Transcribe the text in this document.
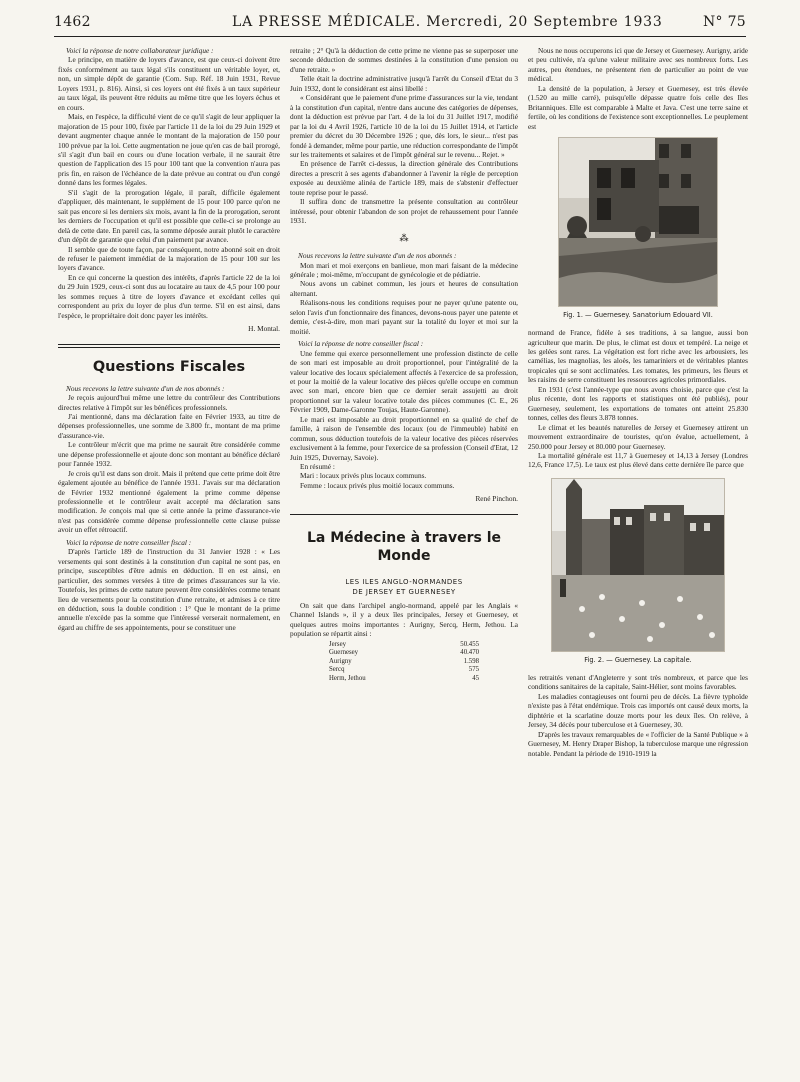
1462	LA PRESSE MÉDICALE. Mercredi, 20 Septembre 1933	N° 75

Voici la réponse de notre collaborateur juridique :

Le principe, en matière de loyers d'avance, est que ceux-ci doivent être fixés conformément au taux légal s'ils constituent un véritable loyer, et, non, un simple dépôt de garantie (Com. Sup. Réf. 18 Juin 1931, Revue Loyers 1931, p. 816). Ainsi, si ces loyers ont été fixés à un taux supérieur au taux légal, ils peuvent être réduits au même titre que les loyers échus et en cours.

Mais, en l'espèce, la difficulté vient de ce qu'il s'agit de leur appliquer la majoration de 15 pour 100, fixée par l'article 11 de la loi du 29 Juin 1929 et devant augmenter chaque année le montant de la majoration de 150 pour 100 prévue par la loi. Cette augmentation ne joue qu'en cas de bail prorogé, s'il s'agit d'un bail en cours ou d'une location verbale, il ne saurait être question de l'application des 15 pour 100 tant que la convention n'aura pas pris fin, en raison de l'échéance de la date prévue au contrat ou d'un congé donné dans les formes légales.

S'il s'agit de la prorogation légale, il paraît, difficile également d'appliquer, dès maintenant, le supplément de 15 pour 100 parce qu'on ne sait pas encore si les derniers six mois, avant la fin de la prorogation, seront les derniers de l'occupation et qu'il est possible que celle-ci se prolonge au delà de cette date. En pareil cas, la somme déposée aurait plutôt le caractère d'un dépôt de garantie que celui d'un paiement par avance.

Il semble que de toute façon, par conséquent, notre abonné soit en droit de refuser le paiement immédiat de la majoration de 15 pour 100 sur les loyers d'avance.

En ce qui concerne la question des intérêts, d'après l'article 22 de la loi du 29 Juin 1929, ceux-ci sont dus au locataire au taux de 4,5 pour 100 pour les sommes reçues à titre de loyers d'avance et excédant celles qui correspondent au prix du loyer de plus d'un terme. S'il en est ainsi, dans l'espèce, le propriétaire doit donc payer les intérêts.

H. Montal.
Questions Fiscales

Nous recevons la lettre suivante d'un de nos abonnés :

Je reçois aujourd'hui même une lettre du contrôleur des Contributions directes relative à l'impôt sur les bénéfices professionnels.

J'ai mentionné, dans ma déclaration faite en Février 1933, au titre de dépenses professionnelles, une somme de 3.800 fr., montant de ma prime d'assurance-vie.

Le contrôleur m'écrit que ma prime ne saurait être considérée comme une dépense professionnelle et ajoute donc son montant au bénéfice déclaré pour l'année 1932.

Je crois qu'il est dans son droit. Mais il prétend que cette prime doit être également ajoutée au bénéfice de l'année 1931. J'avais sur ma déclaration de Février 1932 mentionné également la prime comme dépense professionnelle et le contrôleur avait accepté ma déclaration sans modification. Je conçois mal que si cette année la prime d'assurance-vie n'est pas considérée comme dépense professionnelle cette clause puisse avoir un effet rétroactif.

Voici la réponse de notre conseiller fiscal :

D'après l'article 189 de l'instruction du 31 Janvier 1928 : « Les versements qui sont destinés à la constitution d'un capital ne sont pas, en principe, susceptibles d'être admis en déduction. Il en est ainsi, en particulier, des sommes versées à titre de primes d'assurances sur la vie. Toutefois, les primes de cette nature peuvent être considérées comme tenant lieu de versements pour la constitution d'une retraite, et admises à ce titre en déduction, sous la double condition : 1° Que le montant de la prime annuelle n'excède pas la somme que l'intéressé verserait normalement, en égard au chiffre de ses appointements, pour se constituer une

retraite ; 2° Qu'à la déduction de cette prime ne vienne pas se superposer une seconde déduction de sommes destinées à la constitution d'une pension ou d'une retraite. »

Telle était la doctrine administrative jusqu'à l'arrêt du Conseil d'Etat du 3 Juin 1932, dont le considérant est ainsi libellé :

« Considérant que le paiement d'une prime d'assurances sur la vie, tendant à la constitution d'un capital, n'entre dans aucune des catégories de dépenses, dont la déduction est prévue par l'art. 4 de la loi du 31 Juillet 1917, modifié par la loi du 4 Avril 1926, l'article 10 de la loi du 15 Juillet 1914, et l'article premier du décret du 30 Décembre 1926 ; que, dès lors, le sieur... n'est pas fondé à demander, même pour partie, une réduction correspondante de l'impôt sur les traitements et salaires et de l'impôt général sur le revenu... Rejet. »

En présence de l'arrêt ci-dessus, la direction générale des Contributions directes a prescrit à ses agents d'abandonner à l'avenir la règle de perception exposée au deuxième alinéa de l'article 189, mais de s'abstenir d'effectuer toute reprise pour le passé.

Il suffira donc de transmettre la présente consultation au contrôleur intéressé, pour obtenir l'abandon de son projet de rehaussement pour l'année 1931.

⁂

Nous recevons la lettre suivante d'un de nos abonnés :

Mon mari et moi exerçons en banlieue, mon mari faisant de la médecine générale ; moi-même, m'occupant de gynécologie et de pédiatrie.

Nous avons un cabinet commun, les jours et heures de consultation alternant.

Réalisons-nous les conditions requises pour ne payer qu'une patente ou, selon l'avis d'un fonctionnaire des finances, devons-nous payer une patente et demie, c'est-à-dire, mon mari payant sur la totalité du loyer et moi sur la moitié.

Voici la réponse de notre conseiller fiscal :

Une femme qui exerce personnellement une profession distincte de celle de son mari est imposable au droit proportionnel, pour l'intégralité de la valeur locative des locaux spécialement affectés à l'exercice de sa profession, et pour la moitié de la valeur locative des pièces qu'elle occupe en commun avec son mari, encore bien que ce dernier serait assujetti au droit proportionnel sur la valeur locative totale des pièces communes (C. E., 26 Février 1909, Dame-Garonne Toujas, Haute-Garonne).

Le mari est imposable au droit proportionnel en sa qualité de chef de famille, à raison de l'ensemble des locaux (ou de l'immeuble) habité en commun, sous déduction toutefois de la valeur locative des pièces réservées exclusivement à la femme, pour l'exercice de sa profession (Conseil d'Etat, 12 Juin 1925, Duvernay, Savoie).

En résumé :

Mari : locaux privés plus locaux communs.

Femme : locaux privés plus moitié locaux communs.

René Pinchon.
La Médecine à travers le Monde
LES ILES ANGLO-NORMANDES
DE JERSEY ET GUERNESEY

On sait que dans l'archipel anglo-normand, appelé par les Anglais « Channel Islands », il y a deux îles principales, Jersey et Guernesey, et quelques autres moins importantes : Aurigny, Sercq, Herm, Jethou. La population se répartit ainsi :

Jersey	50.455
Guernesey	40.470
Aurigny	1.598
Sercq	575
Herm, Jethou	45

Nous ne nous occuperons ici que de Jersey et Guernesey. Aurigny, aride et peu cultivée, n'a qu'une valeur militaire avec ses nombreux forts. Les autres, peu étendues, ne présentent rien de particulier au point de vue médical.

La densité de la population, à Jersey et Guernesey, est très élevée (1.520 au mille carré), puisqu'elle dépasse quatre fois celle des Iles Britanniques. Elle est comparable à Malte et Java. C'est une terre saine et fertile, où les conditions de l'existence sont exceptionnelles. Le peuplement est

Fig. 1. — Guernesey. Sanatorium Edouard VII.

normand de France, fidèle à ses traditions, à sa langue, aussi bon agriculteur que marin. De plus, le climat est doux et tempéré. La neige et les gelées sont rares. La végétation est fort riche avec les arbousiers, les camélias, les magnolias, les aloès, les tamariniers et de véritables plantes tropicales qui se sont acclimatées. Les tomates, les primeurs, les fleurs et les raisins de serre constituent les ressources agricoles primordiales.

En 1931 (c'est l'année-type que nous avons choisie, parce que c'est la plus récente, dont les rapports et statistiques ont été publiés), pour Guernesey, seulement, les exportations de tomates ont atteint 25.830 tonnes, celles des fleurs 3.878 tonnes.

Le climat et les beautés naturelles de Jersey et Guernesey attirent un mouvement extraordinaire de touristes, qu'on évalue, actuellement, à 250.000 pour Jersey et 80.000 pour Guernesey.

La mortalité générale est 11,7 à Guernesey et 14,13 à Jersey (Londres 12,6, France 17,5). Le taux est plus élevé dans cette dernière île parce que

Fig. 2. — Guernesey. La capitale.

les retraités venant d'Angleterre y sont très nombreux, et parce que les conditions sanitaires de la capitale, Saint-Hélier, sont moins favorables.

Les maladies contagieuses ont fourni peu de décès. La fièvre typhoïde n'existe pas à l'état endémique. Trois cas importés ont causé deux morts, la diphtérie et la scarlatine douze morts pour les deux îles. On relève, à Jersey, 34 décès pour tuberculose et à Guernesey, 30.

D'après les travaux remarquables de « l'officier de la Santé Publique » à Guernesey, M. Henry Draper Bishop, la tuberculose marque une régression notable. Pendant la période de 1910-1919 la
